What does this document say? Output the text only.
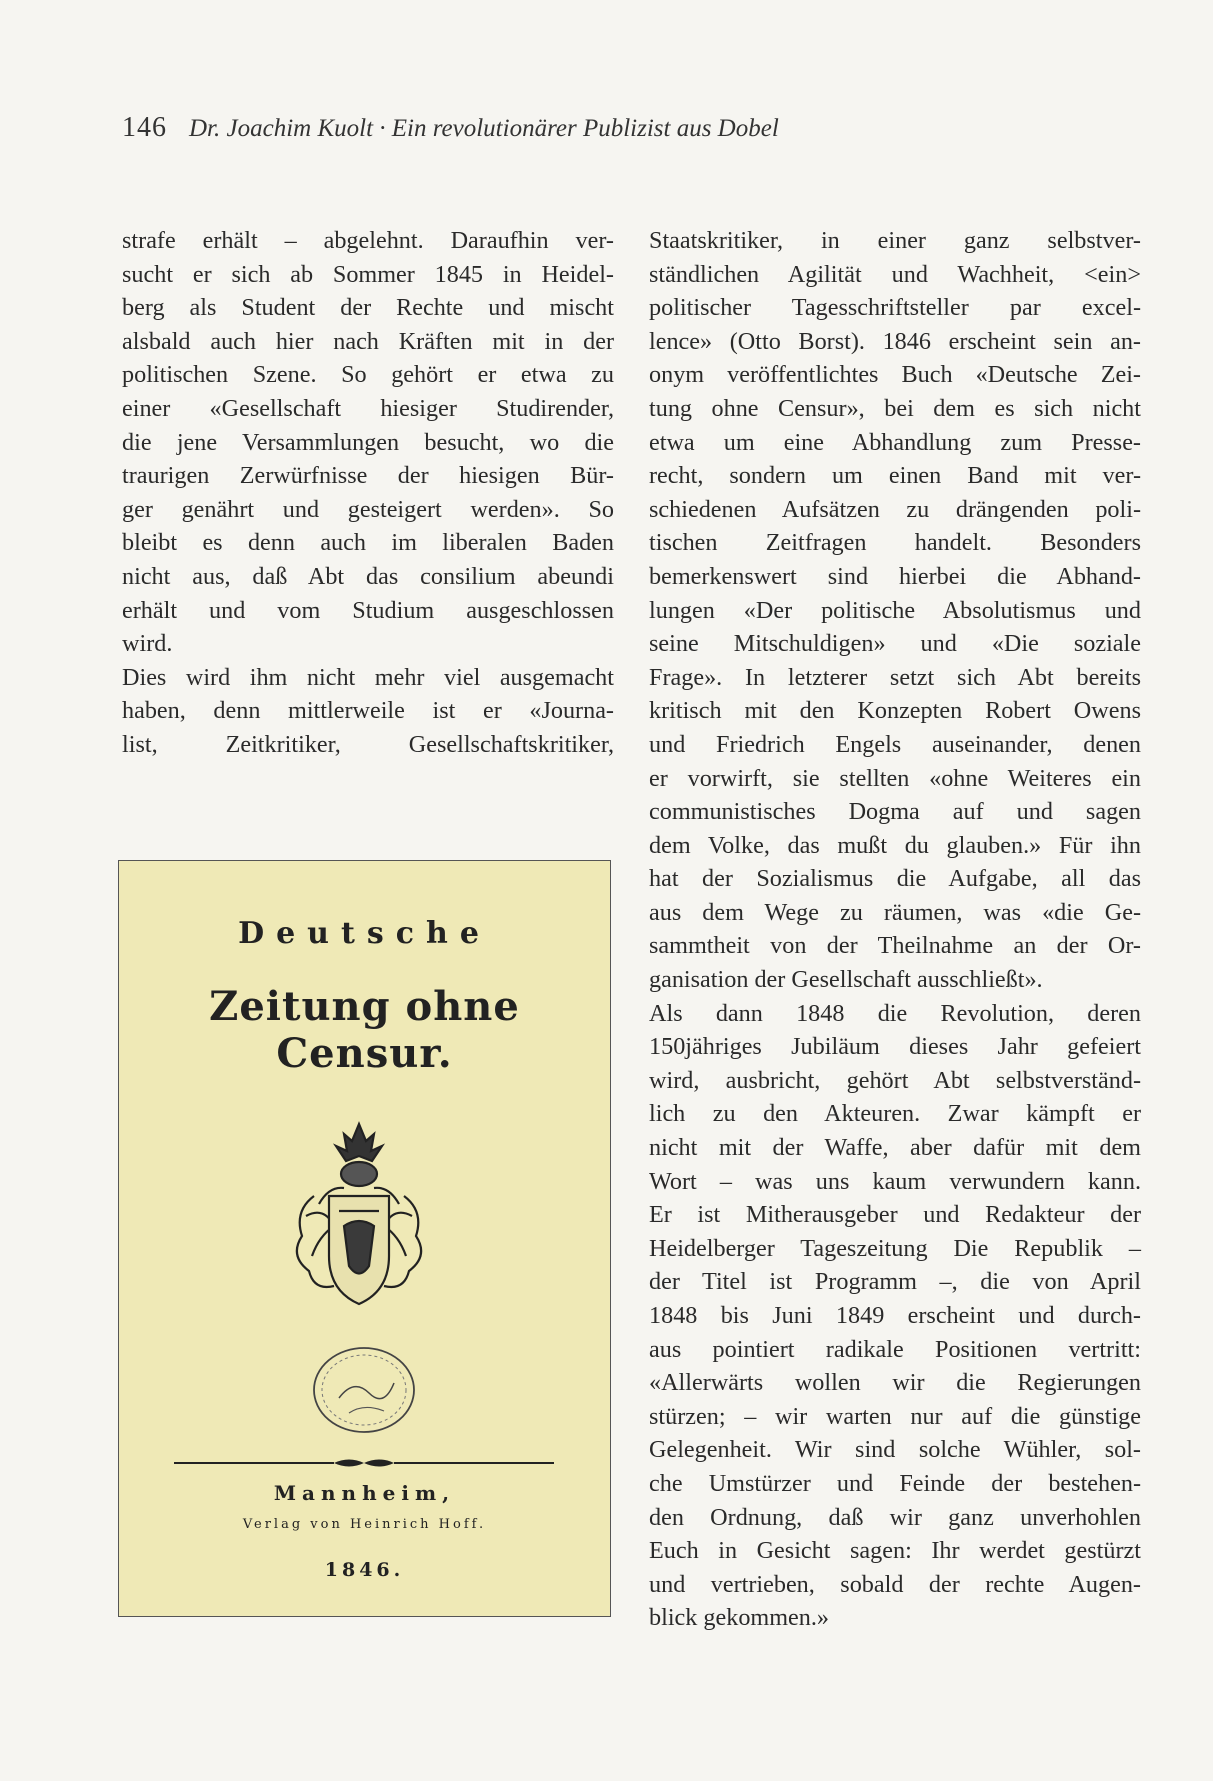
146 Dr. Joachim Kuolt · Ein revolutionärer Publizist aus Dobel
strafe erhält – abgelehnt. Daraufhin ver-
sucht er sich ab Sommer 1845 in Heidel-
berg als Student der Rechte und mischt
alsbald auch hier nach Kräften mit in der
politischen Szene. So gehört er etwa zu
einer «Gesellschaft hiesiger Studirender,
die jene Versammlungen besucht, wo die
traurigen Zerwürfnisse der hiesigen Bür-
ger genährt und gesteigert werden». So
bleibt es denn auch im liberalen Baden
nicht aus, daß Abt das consilium abeundi
erhält und vom Studium ausgeschlossen
wird.
Dies wird ihm nicht mehr viel ausgemacht
haben, denn mittlerweile ist er «Journa-
list, Zeitkritiker, Gesellschaftskritiker,
Deutsche
Zeitung ohne Censur.
Mannheim,
Verlag von Heinrich Hoff.
1846.
Staatskritiker, in einer ganz selbstver-
ständlichen Agilität und Wachheit, <ein>
politischer Tagesschriftsteller par excel-
lence» (Otto Borst). 1846 erscheint sein an-
onym veröffentlichtes Buch «Deutsche Zei-
tung ohne Censur», bei dem es sich nicht
etwa um eine Abhandlung zum Presse-
recht, sondern um einen Band mit ver-
schiedenen Aufsätzen zu drängenden poli-
tischen Zeitfragen handelt. Besonders
bemerkenswert sind hierbei die Abhand-
lungen «Der politische Absolutismus und
seine Mitschuldigen» und «Die soziale
Frage». In letzterer setzt sich Abt bereits
kritisch mit den Konzepten Robert Owens
und Friedrich Engels auseinander, denen
er vorwirft, sie stellten «ohne Weiteres ein
communistisches Dogma auf und sagen
dem Volke, das mußt du glauben.» Für ihn
hat der Sozialismus die Aufgabe, all das
aus dem Wege zu räumen, was «die Ge-
sammtheit von der Theilnahme an der Or-
ganisation der Gesellschaft ausschließt».
Als dann 1848 die Revolution, deren
150jähriges Jubiläum dieses Jahr gefeiert
wird, ausbricht, gehört Abt selbstverständ-
lich zu den Akteuren. Zwar kämpft er
nicht mit der Waffe, aber dafür mit dem
Wort – was uns kaum verwundern kann.
Er ist Mitherausgeber und Redakteur der
Heidelberger Tageszeitung Die Republik –
der Titel ist Programm –, die von April
1848 bis Juni 1849 erscheint und durch-
aus pointiert radikale Positionen vertritt:
«Allerwärts wollen wir die Regierungen
stürzen; – wir warten nur auf die günstige
Gelegenheit. Wir sind solche Wühler, sol-
che Umstürzer und Feinde der bestehen-
den Ordnung, daß wir ganz unverhohlen
Euch in Gesicht sagen: Ihr werdet gestürzt
und vertrieben, sobald der rechte Augen-
blick gekommen.»
